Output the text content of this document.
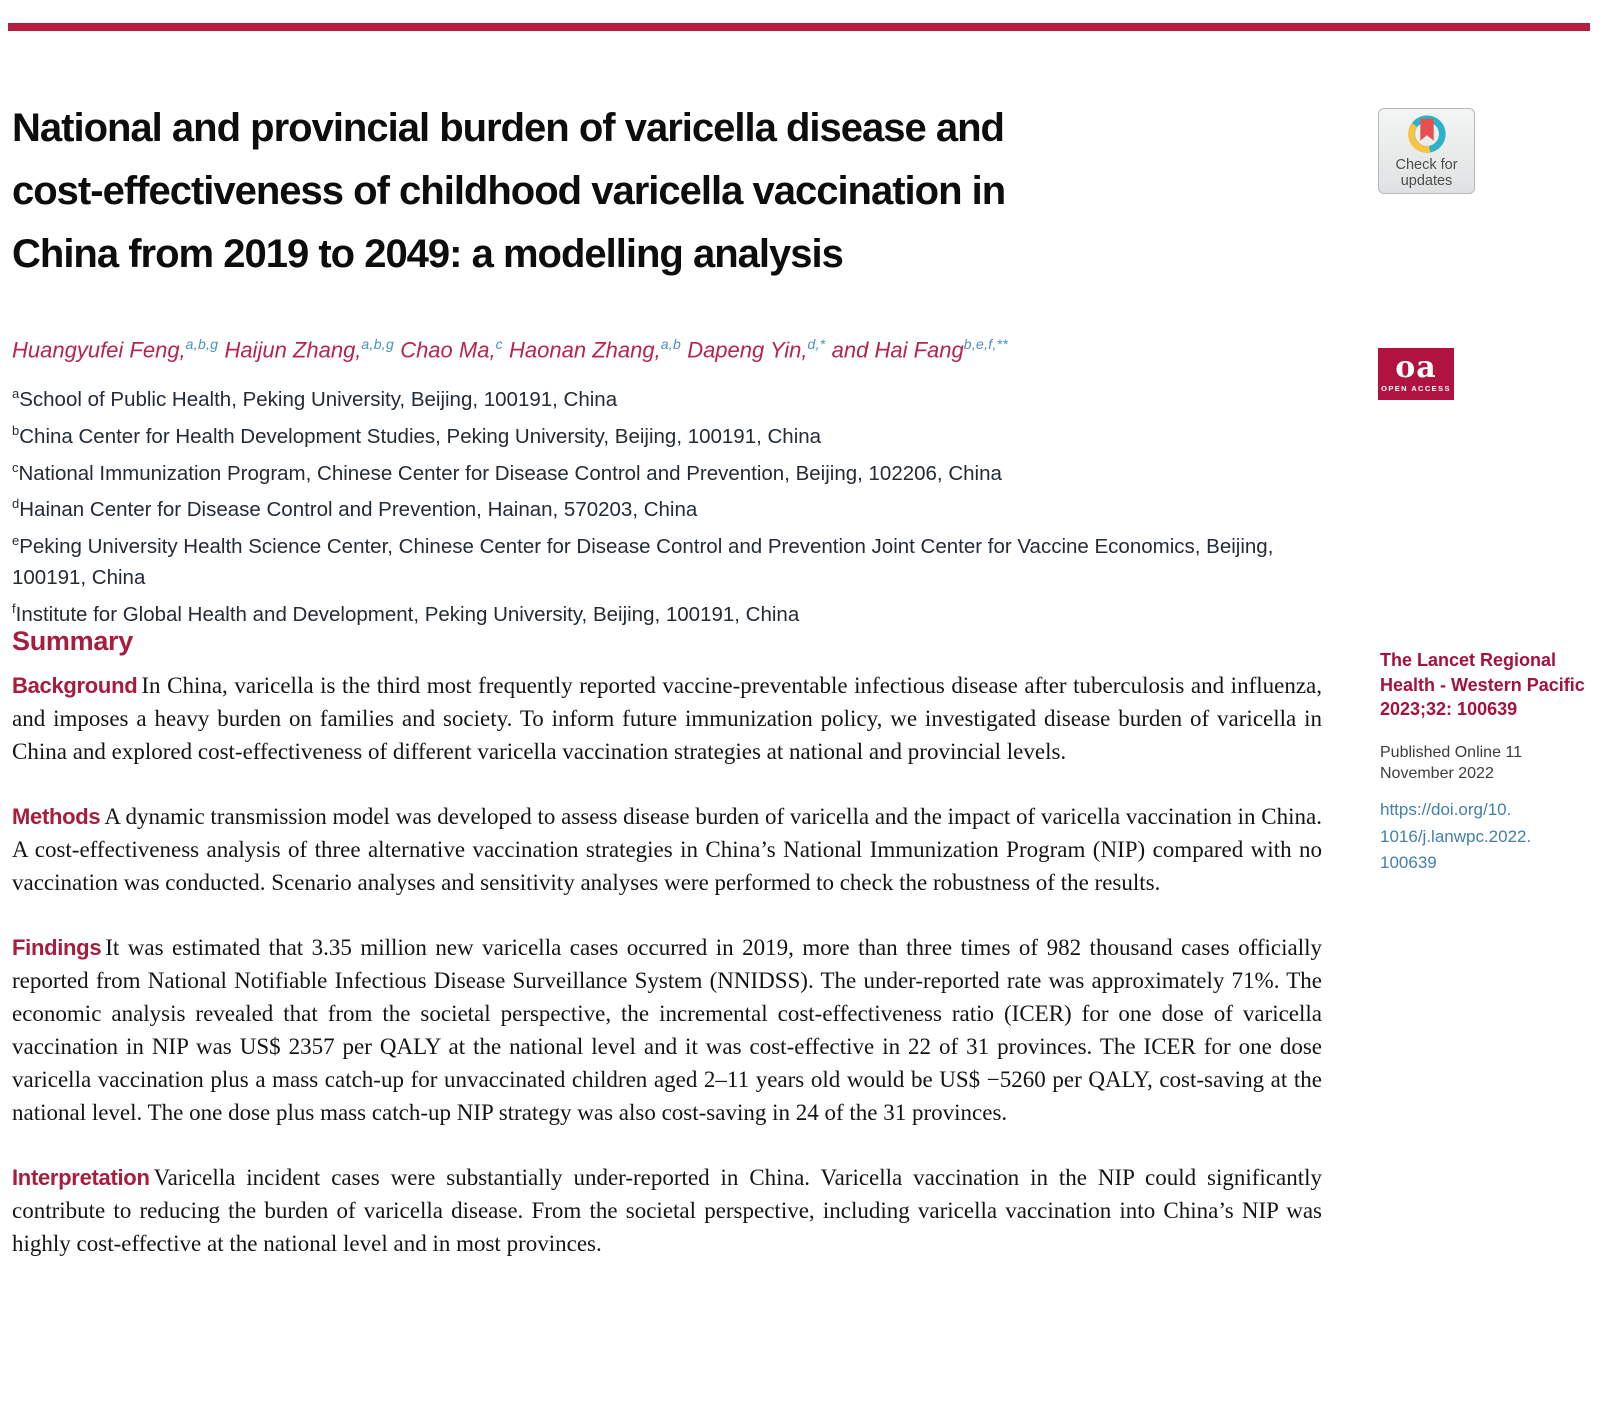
National and provincial burden of varicella disease and
cost-effectiveness of childhood varicella vaccination in
China from 2019 to 2049: a modelling analysis
Check for
updates
oa
OPEN ACCESS

Huangyufei Feng,$^{a,b,g}$ Haijun Zhang,$^{a,b,g}$ Chao Ma,$^c$ Haonan Zhang,$^{a,b}$ Dapeng Yin,$^{d,*}$ and Hai Fang$^{b,e,f,**}$

$^a$School of Public Health, Peking University, Beijing, 100191, China
$^b$China Center for Health Development Studies, Peking University, Beijing, 100191, China
$^c$National Immunization Program, Chinese Center for Disease Control and Prevention, Beijing, 102206, China
$^d$Hainan Center for Disease Control and Prevention, Hainan, 570203, China
$^e$Peking University Health Science Center, Chinese Center for Disease Control and Prevention Joint Center for Vaccine Economics, Beijing, 100191, China
$^f$Institute for Global Health and Development, Peking University, Beijing, 100191, China
Summary

Background In China, varicella is the third most frequently reported vaccine-preventable infectious disease after tuberculosis and influenza, and imposes a heavy burden on families and society. To inform future immunization policy, we investigated disease burden of varicella in China and explored cost-effectiveness of different varicella vaccination strategies at national and provincial levels.

Methods A dynamic transmission model was developed to assess disease burden of varicella and the impact of varicella vaccination in China. A cost-effectiveness analysis of three alternative vaccination strategies in China’s National Immunization Program (NIP) compared with no vaccination was conducted. Scenario analyses and sensitivity analyses were performed to check the robustness of the results.

Findings It was estimated that 3.35 million new varicella cases occurred in 2019, more than three times of 982 thousand cases officially reported from National Notifiable Infectious Disease Surveillance System (NNIDSS). The under-reported rate was approximately 71%. The economic analysis revealed that from the societal perspective, the incremental cost-effectiveness ratio (ICER) for one dose of varicella vaccination in NIP was US$ 2357 per QALY at the national level and it was cost-effective in 22 of 31 provinces. The ICER for one dose varicella vaccination plus a mass catch-up for unvaccinated children aged 2–11 years old would be US$ −5260 per QALY, cost-saving at the national level. The one dose plus mass catch-up NIP strategy was also cost-saving in 24 of the 31 provinces.

Interpretation Varicella incident cases were substantially under-reported in China. Varicella vaccination in the NIP could significantly contribute to reducing the burden of varicella disease. From the societal perspective, including varicella vaccination into China’s NIP was highly cost-effective at the national level and in most provinces.

The Lancet Regional
Health - Western Pacific
2023;32: 100639
Published Online 11
November 2022
https://doi.org/10.
1016/j.lanwpc.2022.
100639
